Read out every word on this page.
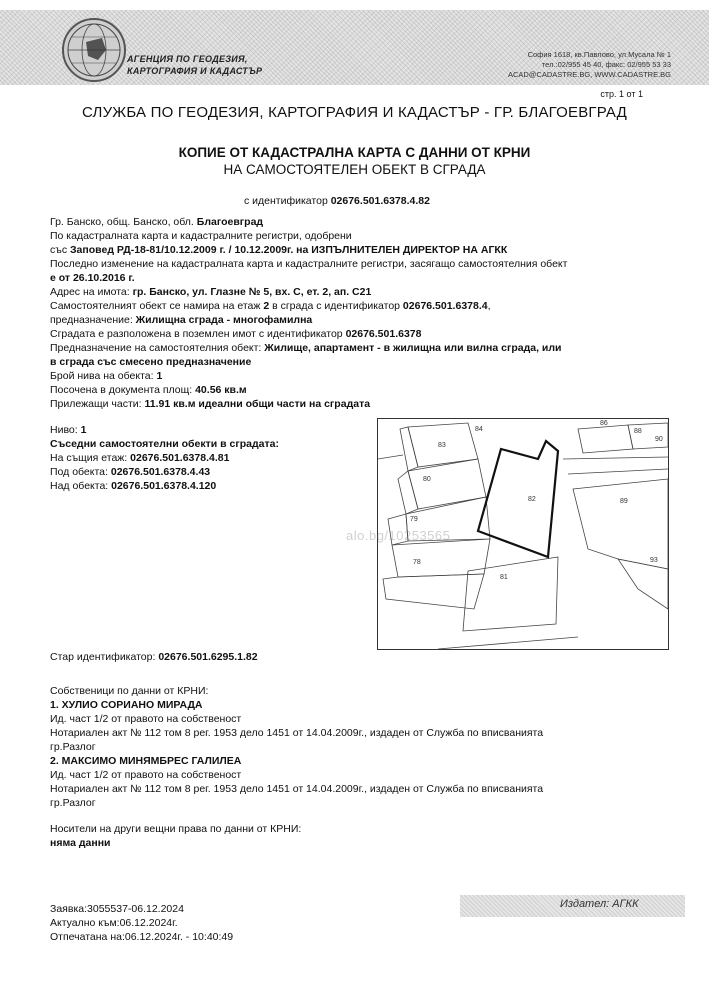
АГЕНЦИЯ ПО ГЕОДЕЗИЯ,
КАРТОГРАФИЯ И КАДАСТЪР
София 1618, кв.Павлово, ул.Мусала № 1
тел.:02/955 45 40, факс: 02/955 53 33
ACAD@CADASTRE.BG, WWW.CADASTRE.BG
стр. 1 от 1
СЛУЖБА ПО ГЕОДЕЗИЯ, КАРТОГРАФИЯ И КАДАСТЪР - ГР. БЛАГОЕВГРАД
КОПИЕ ОТ КАДАСТРАЛНА КАРТА С ДАННИ ОТ КРНИ
НА САМОСТОЯТЕЛЕН ОБЕКТ В СГРАДА
с идентификатор 02676.501.6378.4.82
Гр. Банско, общ. Банско, обл. Благоевград
По кадастралната карта и кадастралните регистри, одобрени
със Заповед РД-18-81/10.12.2009 г. / 10.12.2009г. на ИЗПЪЛНИТЕЛЕН ДИРЕКТОР НА АГКК
Последно изменение на кадастралната карта и кадастралните регистри, засягащо самостоятелния обект
е от 26.10.2016 г.
Адрес на имота: гр. Банско, ул. Глазне № 5, вх. С, ет. 2, ап. С21
Самостоятелният обект се намира на етаж 2 в сграда с идентификатор 02676.501.6378.4,
предназначение: Жилищна сграда - многофамилна
Сградата е разположена в поземлен имот с идентификатор 02676.501.6378
Предназначение на самостоятелния обект: Жилище, апартамент - в жилищна или вилна сграда, или
в сграда със смесено предназначение
Брой нива на обекта: 1
Посочена в документа площ: 40.56 кв.м
Прилежащи части: 11.91 кв.м идеални общи части на сградата
Ниво: 1
Съседни самостоятелни обекти в сградата:
На същия етаж: 02676.501.6378.4.81
Под обекта: 02676.501.6378.4.43
Над обекта: 02676.501.6378.4.120
84
83
80
79
78
81
82	89
93
86
88
90
alo.bg/10253565
Стар идентификатор: 02676.501.6295.1.82
Собственици по данни от КРНИ:
1. ХУЛИО СОРИАНО МИРАДА
Ид. част 1/2 от правото на собственост
Нотариален акт № 112 том 8 рег. 1953 дело 1451 от 14.04.2009г., издаден от Служба по вписванията
гр.Разлог
2. МАКСИМО МИНЯМБРЕС ГАЛИЛЕА
Ид. част 1/2 от правото на собственост
Нотариален акт № 112 том 8 рег. 1953 дело 1451 от 14.04.2009г., издаден от Служба по вписванията
гр.Разлог
Носители на други вещни права по данни от КРНИ:
няма данни
Издател: АГКК
Заявка:3055537-06.12.2024
Актуално към:06.12.2024г.
Отпечатана на:06.12.2024г. - 10:40:49
